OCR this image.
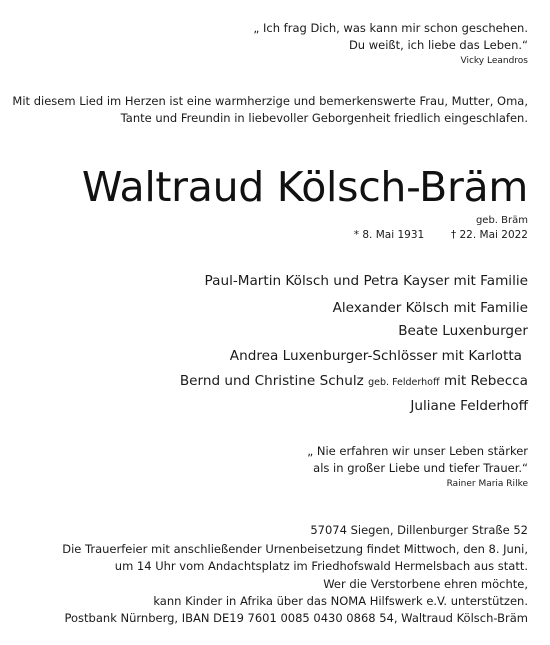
„ Ich frag Dich, was kann mir schon geschehen.
Du weißt, ich liebe das Leben.“
Vicky Leandros
Mit diesem Lied im Herzen ist eine warmherzige und bemerkenswerte Frau, Mutter, Oma,
Tante und Freundin in liebevoller Geborgenheit friedlich eingeschlafen.
Waltraud Kölsch-Bräm
geb. Bräm
* 8. Mai 1931	† 22. Mai 2022
Paul-Martin Kölsch und Petra Kayser mit Familie
Alexander Kölsch mit Familie
Beate Luxenburger
Andrea Luxenburger-Schlösser mit Karlotta
Bernd und Christine Schulz geb. Felderhoff mit Rebecca
Juliane Felderhoff
„ Nie erfahren wir unser Leben stärker
als in großer Liebe und tiefer Trauer.“
Rainer Maria Rilke
57074 Siegen, Dillenburger Straße 52
Die Trauerfeier mit anschließender Urnenbeisetzung findet Mittwoch, den 8. Juni,
um 14 Uhr vom Andachtsplatz im Friedhofswald Hermelsbach aus statt.
Wer die Verstorbene ehren möchte,
kann Kinder in Afrika über das NOMA Hilfswerk e.V. unterstützen.
Postbank Nürnberg, IBAN DE19 7601 0085 0430 0868 54, Waltraud Kölsch-Bräm
